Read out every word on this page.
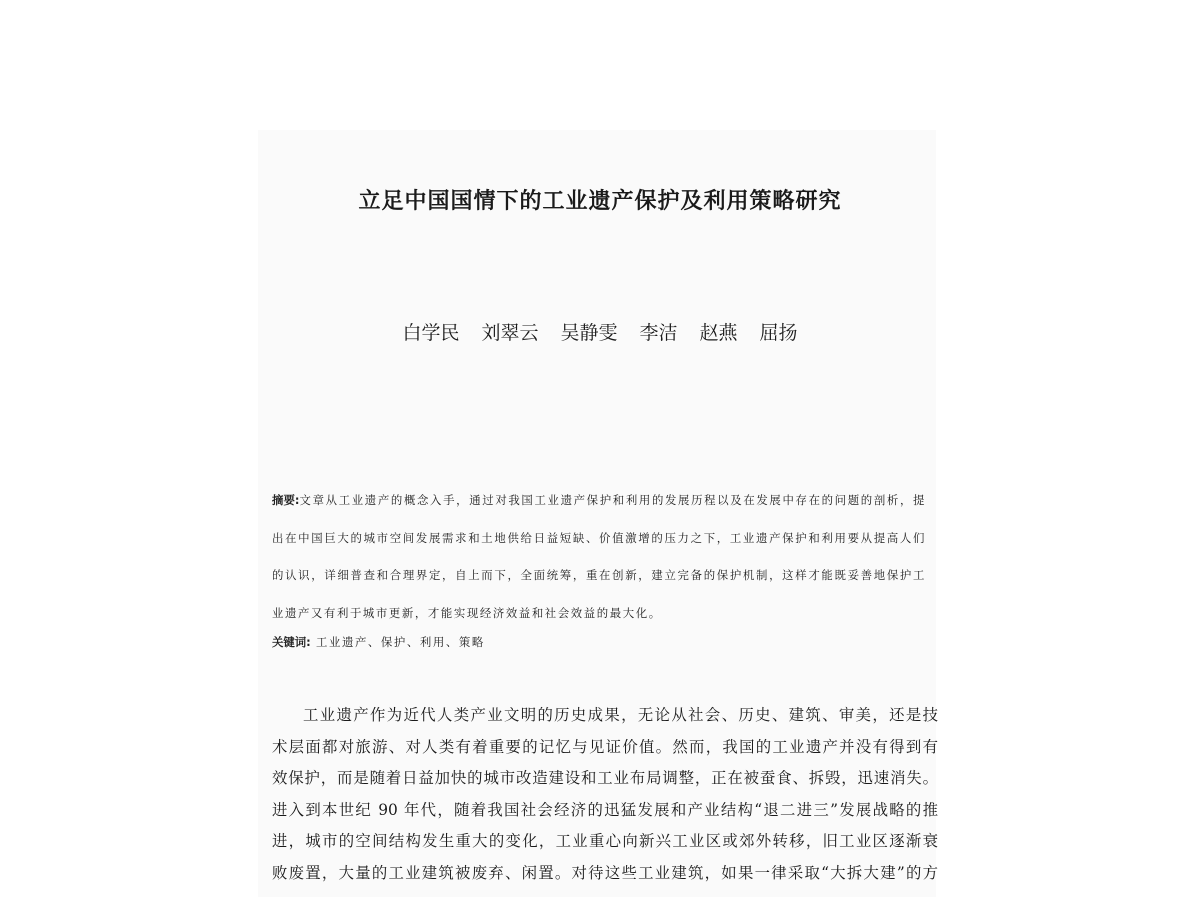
立足中国国情下的工业遗产保护及利用策略研究
白学民 刘翠云 吴静雯 李洁 赵燕 屈扬

摘要:文章从工业遗产的概念入手，通过对我国工业遗产保护和利用的发展历程以及在发展中存在的问题的剖析，提出在中国巨大的城市空间发展需求和土地供给日益短缺、价值激增的压力之下，工业遗产保护和利用要从提高人们的认识，详细普查和合理界定，自上而下，全面统筹，重在创新，建立完备的保护机制，这样才能既妥善地保护工业遗产又有利于城市更新，才能实现经济效益和社会效益的最大化。

关键词: 工业遗产、保护、利用、策略

工业遗产作为近代人类产业文明的历史成果，无论从社会、历史、建筑、审美，还是技
术层面都对旅游、对人类有着重要的记忆与见证价值。然而，我国的工业遗产并没有得到有
效保护，而是随着日益加快的城市改造建设和工业布局调整，正在被蚕食、拆毁，迅速消失。
进入到本世纪 90 年代，随着我国社会经济的迅猛发展和产业结构“退二进三”发展战略的推
进，城市的空间结构发生重大的变化，工业重心向新兴工业区或郊外转移，旧工业区逐渐衰
败废置，大量的工业建筑被废弃、闲置。对待这些工业建筑，如果一律采取“大拆大建”的方
